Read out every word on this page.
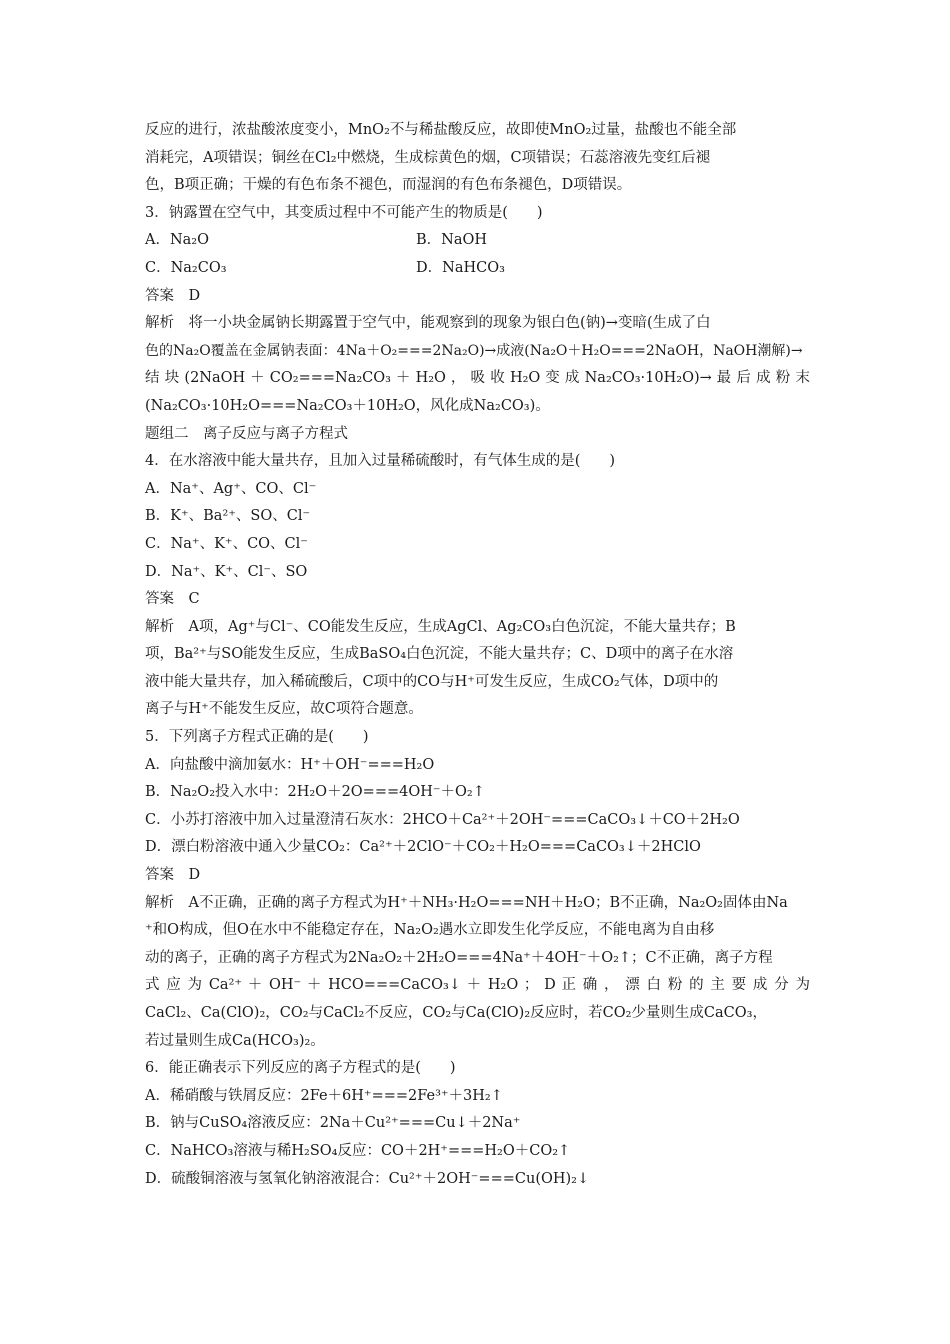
反应的进行，浓盐酸浓度变小，MnO₂不与稀盐酸反应，故即使MnO₂过量，盐酸也不能全部
消耗完，A项错误；铜丝在Cl₂中燃烧，生成棕黄色的烟，C项错误；石蕊溶液先变红后褪
色，B项正确；干燥的有色布条不褪色，而湿润的有色布条褪色，D项错误。
3．钠露置在空气中，其变质过程中不可能产生的物质是(　　)
A．Na₂O	B．NaOH
C．Na₂CO₃	D．NaHCO₃
答案　D
解析　将一小块金属钠长期露置于空气中，能观察到的现象为银白色(钠)→变暗(生成了白
色的Na₂O覆盖在金属钠表面：4Na＋O₂===2Na₂O)→成液(Na₂O＋H₂O===2NaOH，NaOH潮解)→
结 块 (2NaOH ＋ CO₂===Na₂CO₃ ＋ H₂O ， 吸 收 H₂O 变 成 Na₂CO₃·10H₂O)→ 最 后 成 粉 末
(Na₂CO₃·10H₂O===Na₂CO₃＋10H₂O，风化成Na₂CO₃)。
题组二　离子反应与离子方程式
4．在水溶液中能大量共存，且加入过量稀硫酸时，有气体生成的是(　　)
A．Na⁺、Ag⁺、CO、Cl⁻
B．K⁺、Ba²⁺、SO、Cl⁻
C．Na⁺、K⁺、CO、Cl⁻
D．Na⁺、K⁺、Cl⁻、SO
答案　C
解析　A项，Ag⁺与Cl⁻、CO能发生反应，生成AgCl、Ag₂CO₃白色沉淀，不能大量共存；B
项，Ba²⁺与SO能发生反应，生成BaSO₄白色沉淀，不能大量共存；C、D项中的离子在水溶
液中能大量共存，加入稀硫酸后，C项中的CO与H⁺可发生反应，生成CO₂气体，D项中的
离子与H⁺不能发生反应，故C项符合题意。
5．下列离子方程式正确的是(　　)
A．向盐酸中滴加氨水：H⁺＋OH⁻===H₂O
B．Na₂O₂投入水中：2H₂O＋2O===4OH⁻＋O₂↑
C．小苏打溶液中加入过量澄清石灰水：2HCO＋Ca²⁺＋2OH⁻===CaCO₃↓＋CO＋2H₂O
D．漂白粉溶液中通入少量CO₂：Ca²⁺＋2ClO⁻＋CO₂＋H₂O===CaCO₃↓＋2HClO
答案　D
解析　A不正确，正确的离子方程式为H⁺＋NH₃·H₂O===NH＋H₂O；B不正确，Na₂O₂固体由Na
⁺和O构成，但O在水中不能稳定存在，Na₂O₂遇水立即发生化学反应，不能电离为自由移
动的离子，正确的离子方程式为2Na₂O₂＋2H₂O===4Na⁺＋4OH⁻＋O₂↑；C不正确，离子方程
式 应 为 Ca²⁺ ＋ OH⁻ ＋ HCO===CaCO₃↓ ＋ H₂O ； D 正 确 ， 漂 白 粉 的 主 要 成 分 为
CaCl₂、Ca(ClO)₂，CO₂与CaCl₂不反应，CO₂与Ca(ClO)₂反应时，若CO₂少量则生成CaCO₃，
若过量则生成Ca(HCO₃)₂。
6．能正确表示下列反应的离子方程式的是(　　)
A．稀硝酸与铁屑反应：2Fe＋6H⁺===2Fe³⁺＋3H₂↑
B．钠与CuSO₄溶液反应：2Na＋Cu²⁺===Cu↓＋2Na⁺
C．NaHCO₃溶液与稀H₂SO₄反应：CO＋2H⁺===H₂O＋CO₂↑
D．硫酸铜溶液与氢氧化钠溶液混合：Cu²⁺＋2OH⁻===Cu(OH)₂↓
